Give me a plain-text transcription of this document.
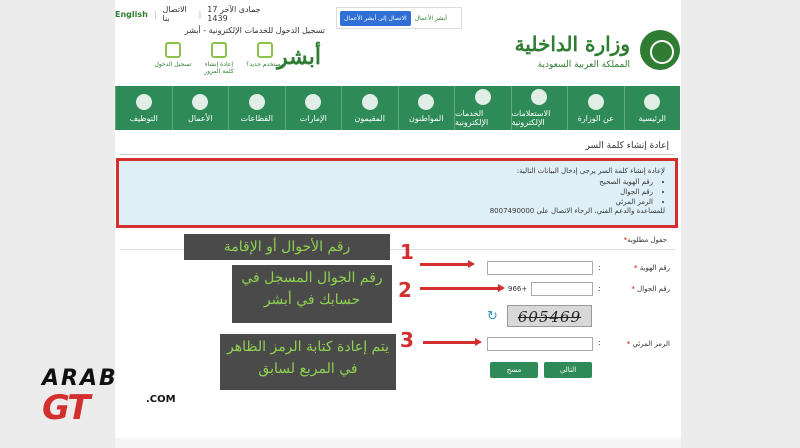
English | الاتصال بنا	| 17 جمادى الآخر 1439	الاتصال إلى أبشر الأعمال	أبشر الأعمال
وزارة الداخلية
المملكة العربية السعودية
تسجيل الدخول للخدمات الإلكترونية - أبشر
أبشر
مستخدم جديد؟
إعادة إنشاء كلمة المرور
تسجيل الدخول
الرئيسية
عن الوزارة
الاستعلامات الإلكترونية
الخدمات الإلكترونية
المواطنون
المقيمون
الإمارات
القطاعات
الأعمال
التوظيف
إعادة إنشاء كلمة السر
لإعادة إنشاء كلمة السر يرجى إدخال البيانات التالية:
• رقم الهوية الصحيح
• رقم الجوال
• الرمز المرئي
للمساعدة والدعم الفني، الرجاء الاتصال على 8007490000
*حقول مطلوبة
* رقم الهوية
:
* رقم الجوال
:
966+
↻	605469
* الرمز المرئي
:
التالي
مسح
رقم الأحوال أو الإقامة	1
رقم الجوال المسجل في حسابك في أبشر	2
يتم إعادة كتابة الرمز الظاهر في المربع لسابق
3
ARAB
GT	.COM
